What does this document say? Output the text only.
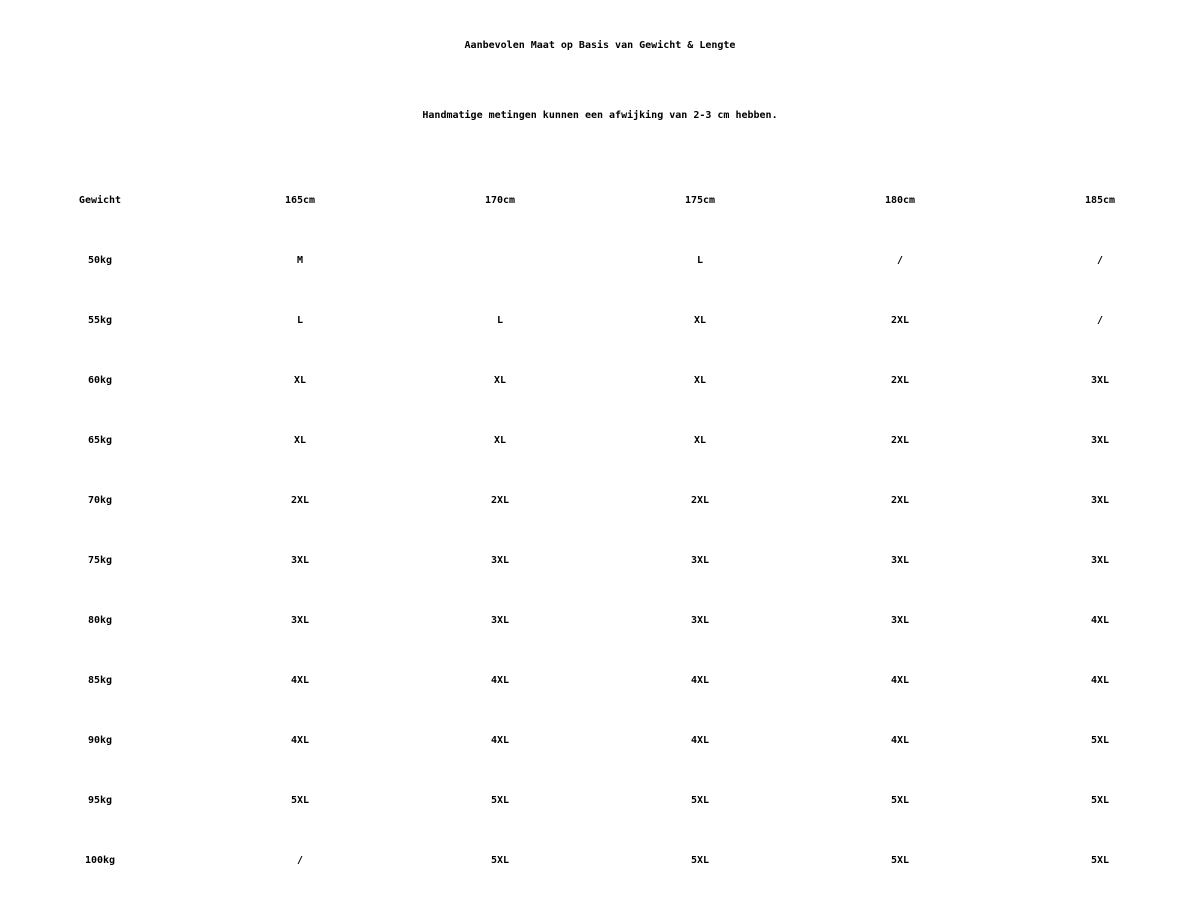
Aanbevolen Maat op Basis van Gewicht & Lengte
Handmatige metingen kunnen een afwijking van 2-3 cm hebben.
Gewicht	165cm	170cm	175cm	180cm	185cm
50kg	M		L	/	/
55kg	L	L	XL	2XL	/
60kg	XL	XL	XL	2XL	3XL
65kg	XL	XL	XL	2XL	3XL
70kg	2XL	2XL	2XL	2XL	3XL
75kg	3XL	3XL	3XL	3XL	3XL
80kg	3XL	3XL	3XL	3XL	4XL
85kg	4XL	4XL	4XL	4XL	4XL
90kg	4XL	4XL	4XL	4XL	5XL
95kg	5XL	5XL	5XL	5XL	5XL
100kg	/	5XL	5XL	5XL	5XL
